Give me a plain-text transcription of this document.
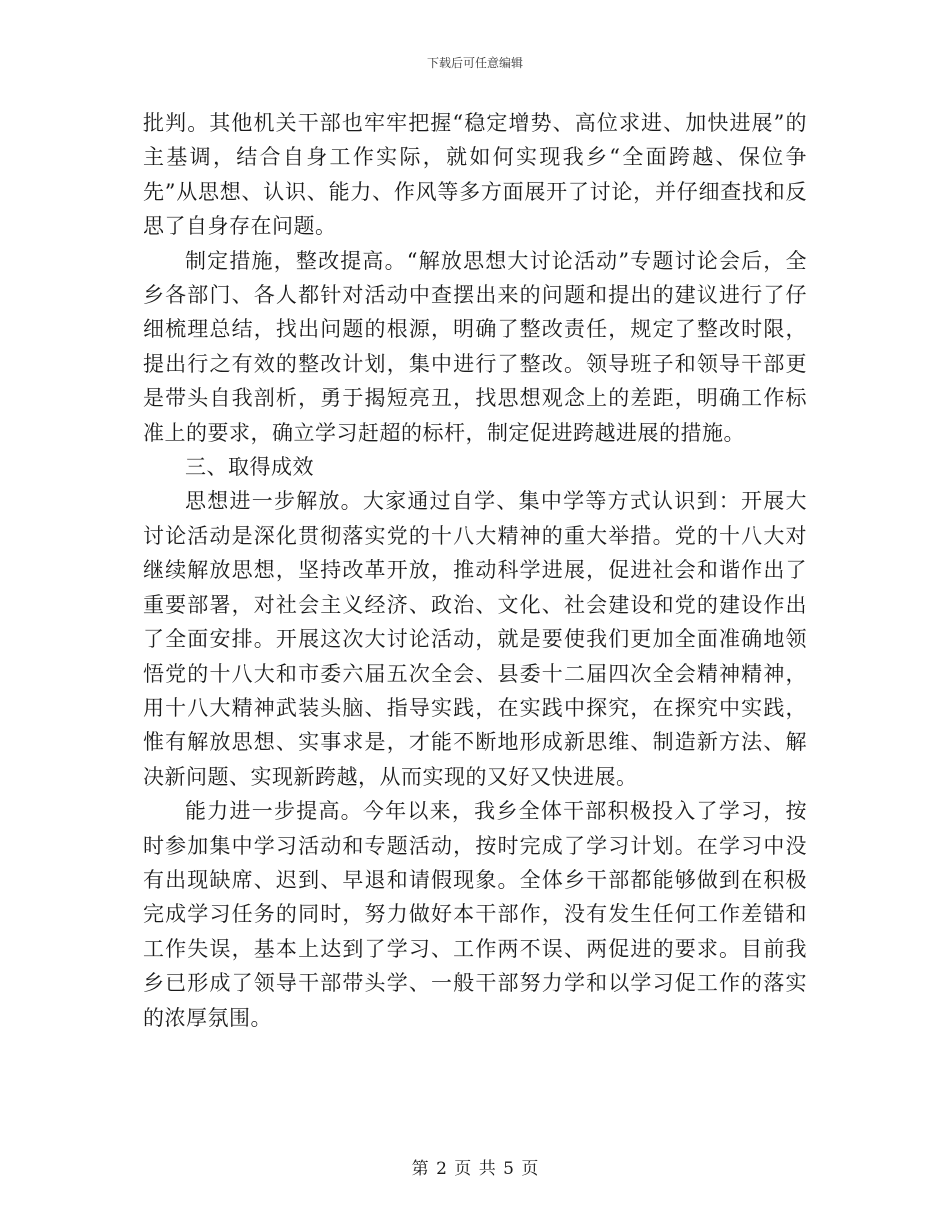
下载后可任意编辑

批判。其他机关干部也牢牢把握“稳定增势、高位求进、加快进展”的主基调，结合自身工作实际，就如何实现我乡“全面跨越、保位争先”从思想、认识、能力、作风等多方面展开了讨论，并仔细查找和反思了自身存在问题。

制定措施，整改提高。“解放思想大讨论活动”专题讨论会后，全乡各部门、各人都针对活动中查摆出来的问题和提出的建议进行了仔细梳理总结，找出问题的根源，明确了整改责任，规定了整改时限，提出行之有效的整改计划，集中进行了整改。领导班子和领导干部更是带头自我剖析，勇于揭短亮丑，找思想观念上的差距，明确工作标准上的要求，确立学习赶超的标杆，制定促进跨越进展的措施。

三、取得成效

思想进一步解放。大家通过自学、集中学等方式认识到：开展大讨论活动是深化贯彻落实党的十八大精神的重大举措。党的十八大对继续解放思想，坚持改革开放，推动科学进展，促进社会和谐作出了重要部署，对社会主义经济、政治、文化、社会建设和党的建设作出了全面安排。开展这次大讨论活动，就是要使我们更加全面准确地领悟党的十八大和市委六届五次全会、县委十二届四次全会精神精神，用十八大精神武装头脑、指导实践，在实践中探究，在探究中实践，惟有解放思想、实事求是，才能不断地形成新思维、制造新方法、解决新问题、实现新跨越，从而实现的又好又快进展。

能力进一步提高。今年以来，我乡全体干部积极投入了学习，按时参加集中学习活动和专题活动，按时完成了学习计划。在学习中没有出现缺席、迟到、早退和请假现象。全体乡干部都能够做到在积极完成学习任务的同时，努力做好本干部作，没有发生任何工作差错和工作失误，基本上达到了学习、工作两不误、两促进的要求。目前我乡已形成了领导干部带头学、一般干部努力学和以学习促工作的落实的浓厚氛围。

第 2 页 共 5 页
